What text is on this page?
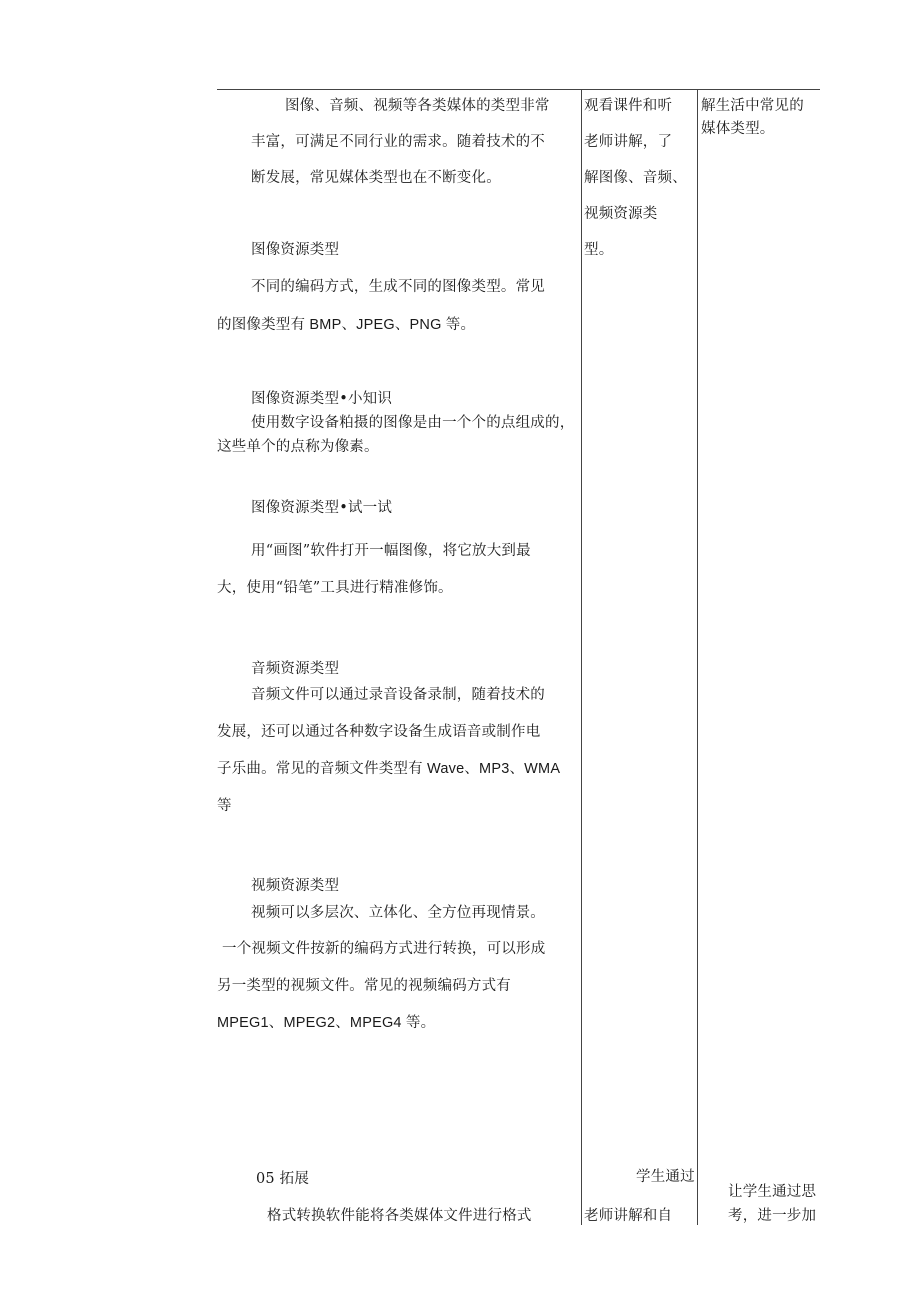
图像、音频、视频等各类媒体的类型非常
丰富，可满足不同行业的需求。随着技术的不
断发展，常见媒体类型也在不断变化。
图像资源类型
不同的编码方式，生成不同的图像类型。常见
的图像类型有 BMP、JPEG、PNG 等。
图像资源类型•小知识
使用数字设备粕摄的图像是由一个个的点组成的，
这些单个的点称为像素。
图像资源类型•试一试
用“画图”软件打开一幅图像，将它放大到最
大，使用“铅笔”工具进行精准修饰。
音频资源类型
音频文件可以通过录音设备录制，随着技术的
发展，还可以通过各种数字设备生成语音或制作电
子乐曲。常见的音频文件类型有 Wave、MP3、WMA
等
视频资源类型
视频可以多层次、立体化、全方位再现情景。
一个视频文件按新的编码方式进行转换，可以形成
另一类型的视频文件。常见的视频编码方式有
MPEG1、MPEG2、MPEG4 等。
05 拓展
格式转换软件能将各类媒体文件进行格式
观看课件和听
老师讲解，了
解图像、音频、
视频资源类
型。
学生通过
老师讲解和自
解生活中常见的
媒体类型。
让学生通过思
考，进一步加
